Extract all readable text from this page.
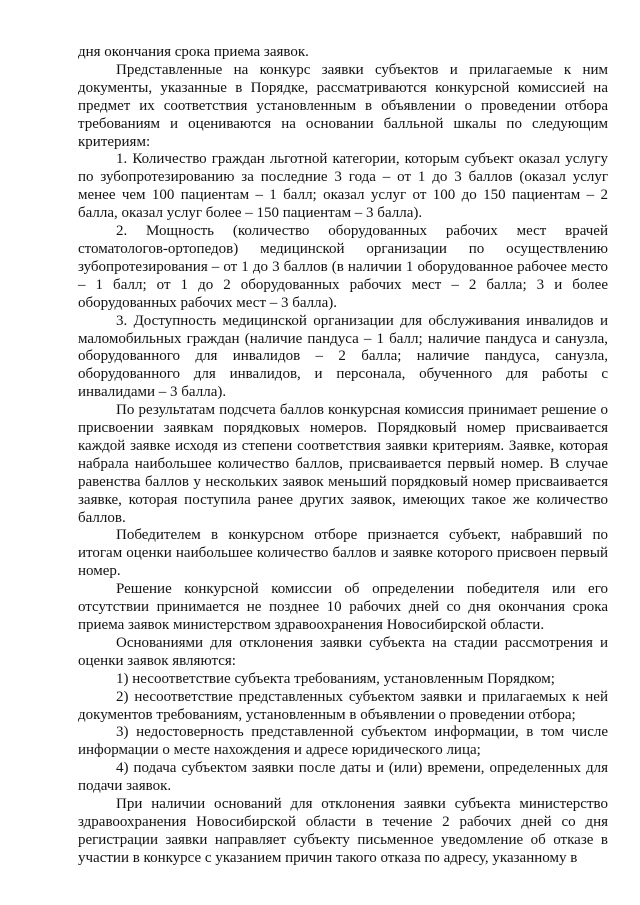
дня окончания срока приема заявок.

Представленные на конкурс заявки субъектов и прилагаемые к ним документы, указанные в Порядке, рассматриваются конкурсной комиссией на предмет их соответствия установленным в объявлении о проведении отбора требованиям и оцениваются на основании балльной шкалы по следующим критериям:

1. Количество граждан льготной категории, которым субъект оказал услугу по зубопротезированию за последние 3 года – от 1 до 3 баллов (оказал услуг менее чем 100 пациентам – 1 балл; оказал услуг от 100 до 150 пациентам – 2 балла, оказал услуг более – 150 пациентам – 3 балла).

2. Мощность (количество оборудованных рабочих мест врачей стоматологов-ортопедов) медицинской организации по осуществлению зубопротезирования – от 1 до 3 баллов (в наличии 1 оборудованное рабочее место – 1 балл; от 1 до 2 оборудованных рабочих мест – 2 балла; 3 и более оборудованных рабочих мест – 3 балла).

3. Доступность медицинской организации для обслуживания инвалидов и маломобильных граждан (наличие пандуса – 1 балл; наличие пандуса и санузла, оборудованного для инвалидов – 2 балла; наличие пандуса, санузла, оборудованного для инвалидов, и персонала, обученного для работы с инвалидами – 3 балла).

По результатам подсчета баллов конкурсная комиссия принимает решение о присвоении заявкам порядковых номеров. Порядковый номер присваивается каждой заявке исходя из степени соответствия заявки критериям. Заявке, которая набрала наибольшее количество баллов, присваивается первый номер. В случае равенства баллов у нескольких заявок меньший порядковый номер присваивается заявке, которая поступила ранее других заявок, имеющих такое же количество баллов.

Победителем в конкурсном отборе признается субъект, набравший по итогам оценки наибольшее количество баллов и заявке которого присвоен первый номер.

Решение конкурсной комиссии об определении победителя или его отсутствии принимается не позднее 10 рабочих дней со дня окончания срока приема заявок министерством здравоохранения Новосибирской области.

Основаниями для отклонения заявки субъекта на стадии рассмотрения и оценки заявок являются:

1) несоответствие субъекта требованиям, установленным Порядком;

2) несоответствие представленных субъектом заявки и прилагаемых к ней документов требованиям, установленным в объявлении о проведении отбора;

3) недостоверность представленной субъектом информации, в том числе информации о месте нахождения и адресе юридического лица;

4) подача субъектом заявки после даты и (или) времени, определенных для подачи заявок.

При наличии оснований для отклонения заявки субъекта министерство здравоохранения Новосибирской области в течение 2 рабочих дней со дня регистрации заявки направляет субъекту письменное уведомление об отказе в участии в конкурсе с указанием причин такого отказа по адресу, указанному в
